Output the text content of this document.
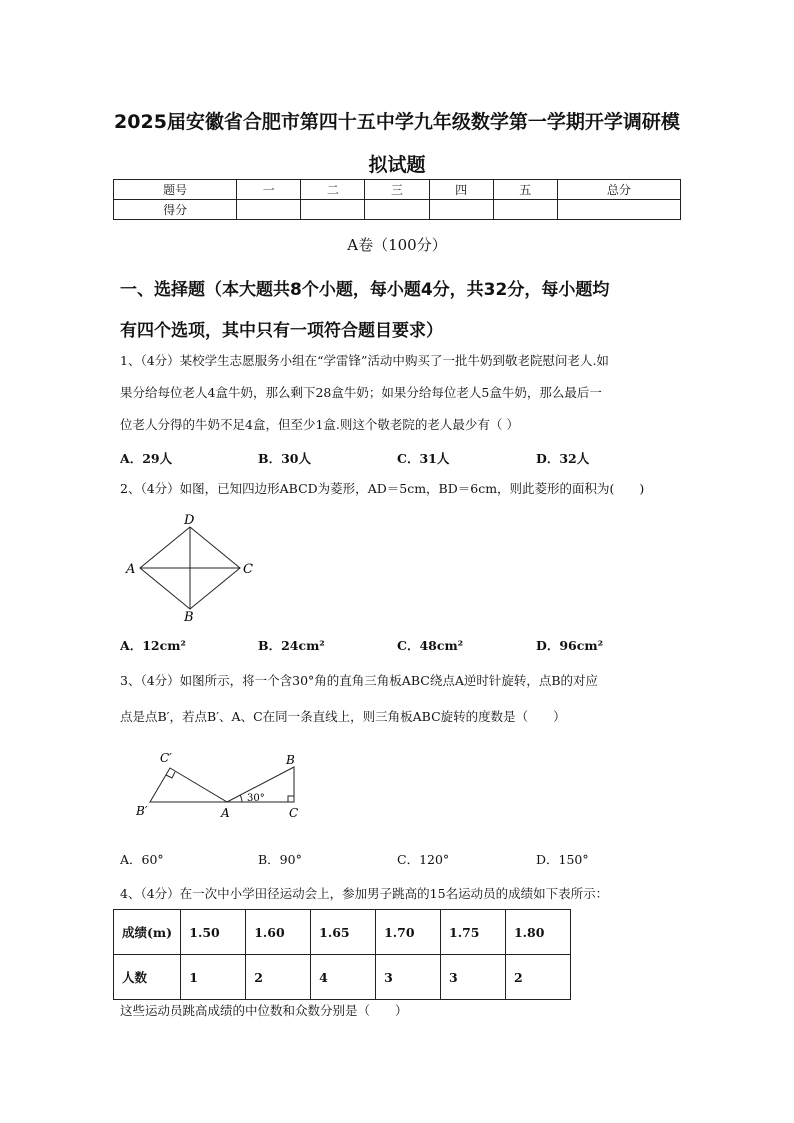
2025届安徽省合肥市第四十五中学九年级数学第一学期开学调研模
拟试题
题号	一	二	三	四	五	总分
得分						
A卷（100分）
一、选择题（本大题共8个小题，每小题4分，共32分，每小题均
有四个选项，其中只有一项符合题目要求）
1、（4分）某校学生志愿服务小组在“学雷锋”活动中购买了一批牛奶到敬老院慰问老人.如
果分给每位老人4盒牛奶，那么剩下28盒牛奶；如果分给每位老人5盒牛奶，那么最后一
位老人分得的牛奶不足4盒，但至少1盒.则这个敬老院的老人最少有（ ）
A．29人	B．30人	C．31人	D．32人
2、（4分）如图，已知四边形ABCD为菱形，AD＝5cm，BD＝6cm，则此菱形的面积为(　　)
D
A	C
B
A．12cm²	B．24cm²	C．48cm²	D．96cm²
3、（4分）如图所示，将一个含30°角的直角三角板ABC绕点A逆时针旋转，点B的对应
点是点B′，若点B′、A、C在同一条直线上，则三角板ABC旋转的度数是（　　）
C′
B′	A
B
C
30°
A．60°	B．90°	C．120°	D．150°
4、（4分）在一次中小学田径运动会上，参加男子跳高的15名运动员的成绩如下表所示：
成绩(m)	1.50	1.60	1.65	1.70	1.75	1.80
人数	1	2	4	3	3	2
这些运动员跳高成绩的中位数和众数分别是（　　）
